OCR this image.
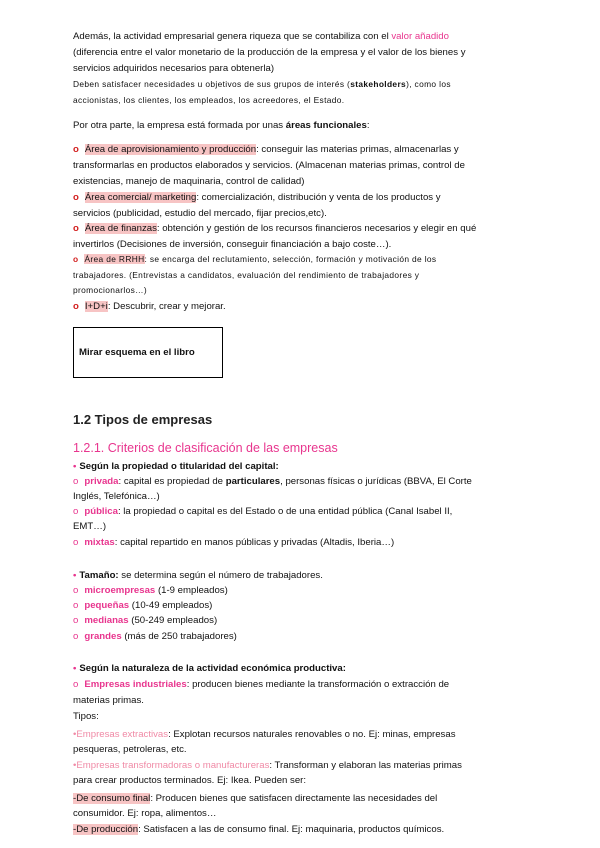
Además, la actividad empresarial genera riqueza que se contabiliza con el valor añadido
(diferencia entre el valor monetario de la producción de la empresa y el valor de los bienes y
servicios adquiridos necesarios para obtenerla)
Deben satisfacer necesidades u objetivos de sus grupos de interés (stakeholders), como los
accionistas, los clientes, los empleados, los acreedores, el Estado.
Por otra parte, la empresa está formada por unas áreas funcionales:
o Área de aprovisionamiento y producción: conseguir las materias primas, almacenarlas y
transformarlas en productos elaborados y servicios. (Almacenan materias primas, control de
existencias, manejo de maquinaria, control de calidad)
o Área comercial/ marketing: comercialización, distribución y venta de los productos y
servicios (publicidad, estudio del mercado, fijar precios,etc).
o Área de finanzas: obtención y gestión de los recursos financieros necesarios y elegir en qué
invertirlos (Decisiones de inversión, conseguir financiación a bajo coste…).
o Área de RRHH: se encarga del reclutamiento, selección, formación y motivación de los
trabajadores. (Entrevistas a candidatos, evaluación del rendimiento de trabajadores y
promocionarlos…)
o I+D+i: Descubrir, crear y mejorar.
Mirar esquema en el libro
1.2 Tipos de empresas
1.2.1. Criterios de clasificación de las empresas
• Según la propiedad o titularidad del capital:
o privada: capital es propiedad de particulares, personas físicas o jurídicas (BBVA, El Corte
Inglés, Telefónica…)
o pública: la propiedad o capital es del Estado o de una entidad pública (Canal Isabel II,
EMT…)
o mixtas: capital repartido en manos públicas y privadas (Altadis, Iberia…)
• Tamaño: se determina según el número de trabajadores.
o microempresas (1-9 empleados)
o pequeñas (10-49 empleados)
o medianas (50-249 empleados)
o grandes (más de 250 trabajadores)
• Según la naturaleza de la actividad económica productiva:
o Empresas industriales: producen bienes mediante la transformación o extracción de
materias primas.
Tipos:
•Empresas extractivas: Explotan recursos naturales renovables o no. Ej: minas, empresas
pesqueras, petroleras, etc.
•Empresas transformadoras o manufactureras: Transforman y elaboran las materias primas
para crear productos terminados. Ej: Ikea. Pueden ser:
-De consumo final: Producen bienes que satisfacen directamente las necesidades del
consumidor. Ej: ropa, alimentos…
-De producción: Satisfacen a las de consumo final. Ej: maquinaria, productos químicos.
